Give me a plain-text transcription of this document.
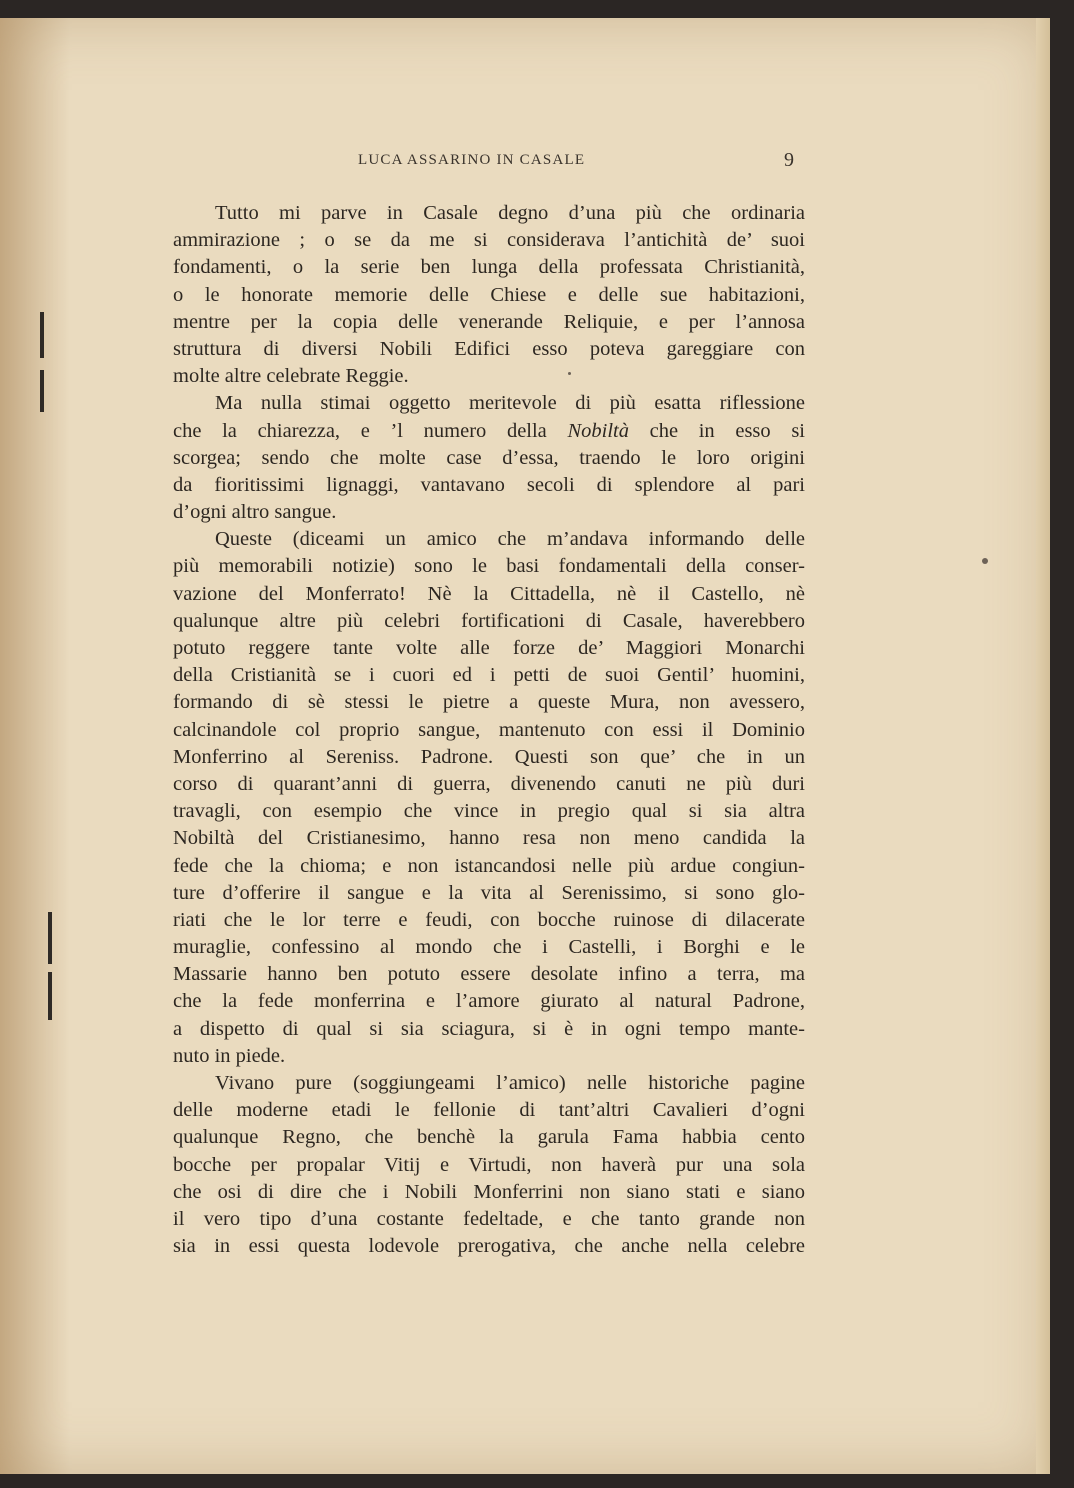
LUCA ASSARINO IN CASALE	9
Tutto mi parve in Casale degno d’una più che ordinaria
ammirazione ; o se da me si considerava l’antichità de’ suoi
fondamenti, o la serie ben lunga della professata Christianità,
o le honorate memorie delle Chiese e delle sue habitazioni,
mentre per la copia delle venerande Reliquie, e per l’annosa
struttura di diversi Nobili Edifici esso poteva gareggiare con
molte altre celebrate Reggie.
Ma nulla stimai oggetto meritevole di più esatta riflessione
che la chiarezza, e ’l numero della Nobiltà che in esso si
scorgea; sendo che molte case d’essa, traendo le loro origini
da fioritissimi lignaggi, vantavano secoli di splendore al pari
d’ogni altro sangue.
Queste (diceami un amico che m’andava informando delle
più memorabili notizie) sono le basi fondamentali della conser-
vazione del Monferrato! Nè la Cittadella, nè il Castello, nè
qualunque altre più celebri fortificationi di Casale, haverebbero
potuto reggere tante volte alle forze de’ Maggiori Monarchi
della Cristianità se i cuori ed i petti de suoi Gentil’ huomini,
formando di sè stessi le pietre a queste Mura, non avessero,
calcinandole col proprio sangue, mantenuto con essi il Dominio
Monferrino al Sereniss. Padrone. Questi son que’ che in un
corso di quarant’anni di guerra, divenendo canuti ne più duri
travagli, con esempio che vince in pregio qual si sia altra
Nobiltà del Cristianesimo, hanno resa non meno candida la
fede che la chioma; e non istancandosi nelle più ardue congiun-
ture d’offerire il sangue e la vita al Serenissimo, si sono glo-
riati che le lor terre e feudi, con bocche ruinose di dilacerate
muraglie, confessino al mondo che i Castelli, i Borghi e le
Massarie hanno ben potuto essere desolate infino a terra, ma
che la fede monferrina e l’amore giurato al natural Padrone,
a dispetto di qual si sia sciagura, si è in ogni tempo mante-
nuto in piede.
Vivano pure (soggiungeami l’amico) nelle historiche pagine
delle moderne etadi le fellonie di tant’altri Cavalieri d’ogni
qualunque Regno, che benchè la garula Fama habbia cento
bocche per propalar Vitij e Virtudi, non haverà pur una sola
che osi di dire che i Nobili Monferrini non siano stati e siano
il vero tipo d’una costante fedeltade, e che tanto grande non
sia in essi questa lodevole prerogativa, che anche nella celebre
